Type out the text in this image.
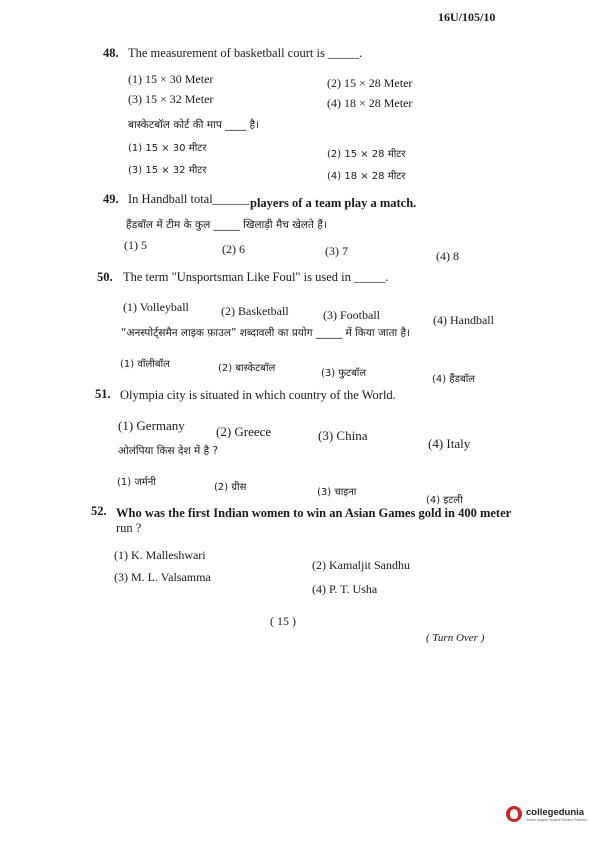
16U/105/10
48. The measurement of basketball court is _____.
(1) 15 × 30 Meter	(2) 15 × 28 Meter
(3) 15 × 32 Meter	(4) 18 × 28 Meter
बास्केटबॉल कोर्ट की माप ____ है।
(1) 15 × 30 मीटर
(2) 15 × 28 मीटर
(3) 15 × 32 मीटर
(4) 18 × 28 मीटर
49. In Handball total ______ players of a team play a match.
हैंडबॉल में टीम के कुल _____ खिलाड़ी मैच खेलते हैं।
(1) 5	(2) 6	(3) 7	(4) 8
50. The term "Unsportsman Like Foul" is used in _____.
(1) Volleyball	(2) Basketball	(3) Football	(4) Handball
“अनस्पोर्ट्समैन लाइक फ़ाउल” शब्दावली का प्रयोग _____ में किया जाता है।
(1) वॉलीबॉल	(2) बास्केटबॉल	(3) फुटबॉल
(4) हैंडबॉल
51. Olympia city is situated in which country of the World.
(1) Germany (2) Greece	(3) China
(4) Italy
ओलंपिया किस देश में है ?
(1) जर्मनी	(2) ग्रीस	(3) चाइना
(4) इटली
52. Who was the first Indian women to win an Asian Games gold in 400 meter
run ?
(1) K. Malleshwari
(2) Kamaljit Sandhu
(3) M. L. Valsamma
(4) P. T. Usha
( 15 )
( Turn Over )
collegedunia
India's largest Student Review Platform
